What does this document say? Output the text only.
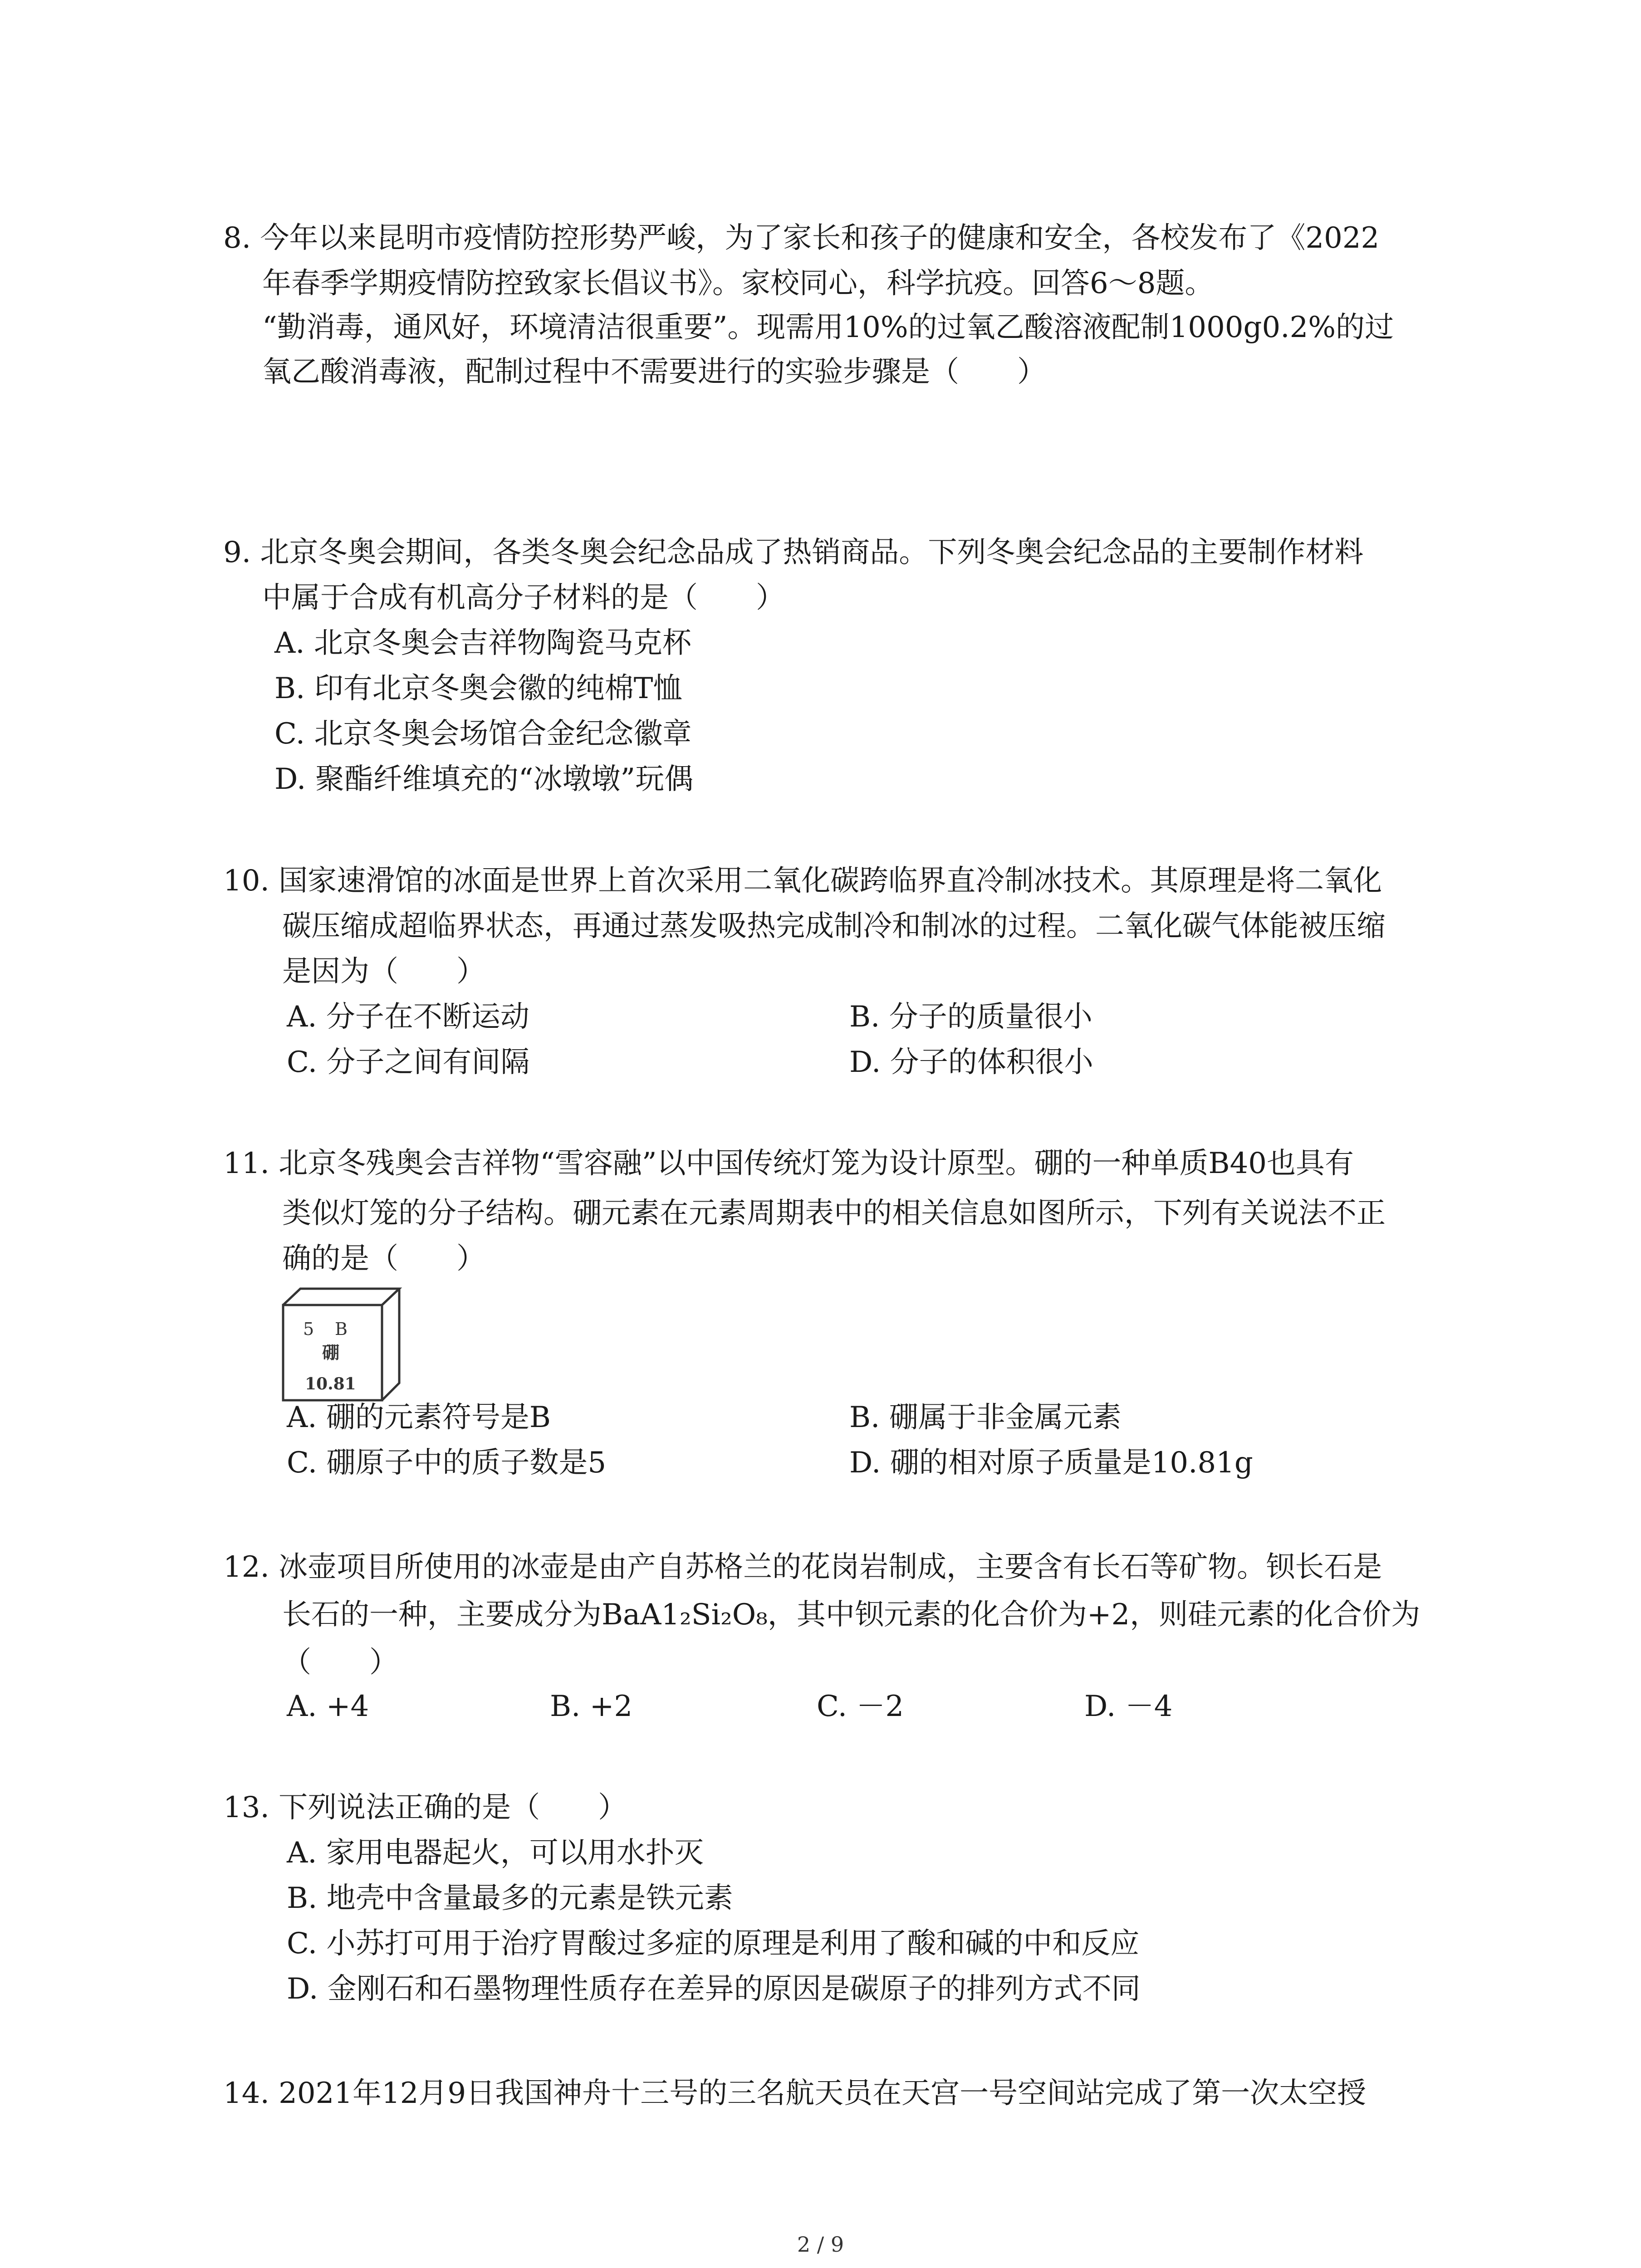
8. 今年以来昆明市疫情防控形势严峻，为了家长和孩子的健康和安全，各校发布了《2022
年春季学期疫情防控致家长倡议书》。家校同心，科学抗疫。回答6～8题。
“勤消毒，通风好，环境清洁很重要”。现需用10%的过氧乙酸溶液配制1000g0.2%的过
氧乙酸消毒液，配制过程中不需要进行的实验步骤是（　　）
9. 北京冬奥会期间，各类冬奥会纪念品成了热销商品。下列冬奥会纪念品的主要制作材料
中属于合成有机高分子材料的是（　　）
A. 北京冬奥会吉祥物陶瓷马克杯
B. 印有北京冬奥会徽的纯棉T恤
C. 北京冬奥会场馆合金纪念徽章
D. 聚酯纤维填充的“冰墩墩”玩偶
10. 国家速滑馆的冰面是世界上首次采用二氧化碳跨临界直冷制冰技术。其原理是将二氧化
碳压缩成超临界状态，再通过蒸发吸热完成制冷和制冰的过程。二氧化碳气体能被压缩
是因为（　　）
A. 分子在不断运动	B. 分子的质量很小
C. 分子之间有间隔	D. 分子的体积很小
11. 北京冬残奥会吉祥物“雪容融”以中国传统灯笼为设计原型。硼的一种单质B40也具有
类似灯笼的分子结构。硼元素在元素周期表中的相关信息如图所示，下列有关说法不正
确的是（　　）
5 B
硼
10.81
A. 硼的元素符号是B	B. 硼属于非金属元素
C. 硼原子中的质子数是5	D. 硼的相对原子质量是10.81g
12. 冰壶项目所使用的冰壶是由产自苏格兰的花岗岩制成，主要含有长石等矿物。钡长石是
长石的一种，主要成分为BaA1₂Si₂O₈，其中钡元素的化合价为+2，则硅元素的化合价为
（　　）
A. +4	B. +2	C. －2	D. －4
13. 下列说法正确的是（　　）
A. 家用电器起火，可以用水扑灭
B. 地壳中含量最多的元素是铁元素
C. 小苏打可用于治疗胃酸过多症的原理是利用了酸和碱的中和反应
D. 金刚石和石墨物理性质存在差异的原因是碳原子的排列方式不同
14. 2021年12月9日我国神舟十三号的三名航天员在天宫一号空间站完成了第一次太空授
2 / 9
